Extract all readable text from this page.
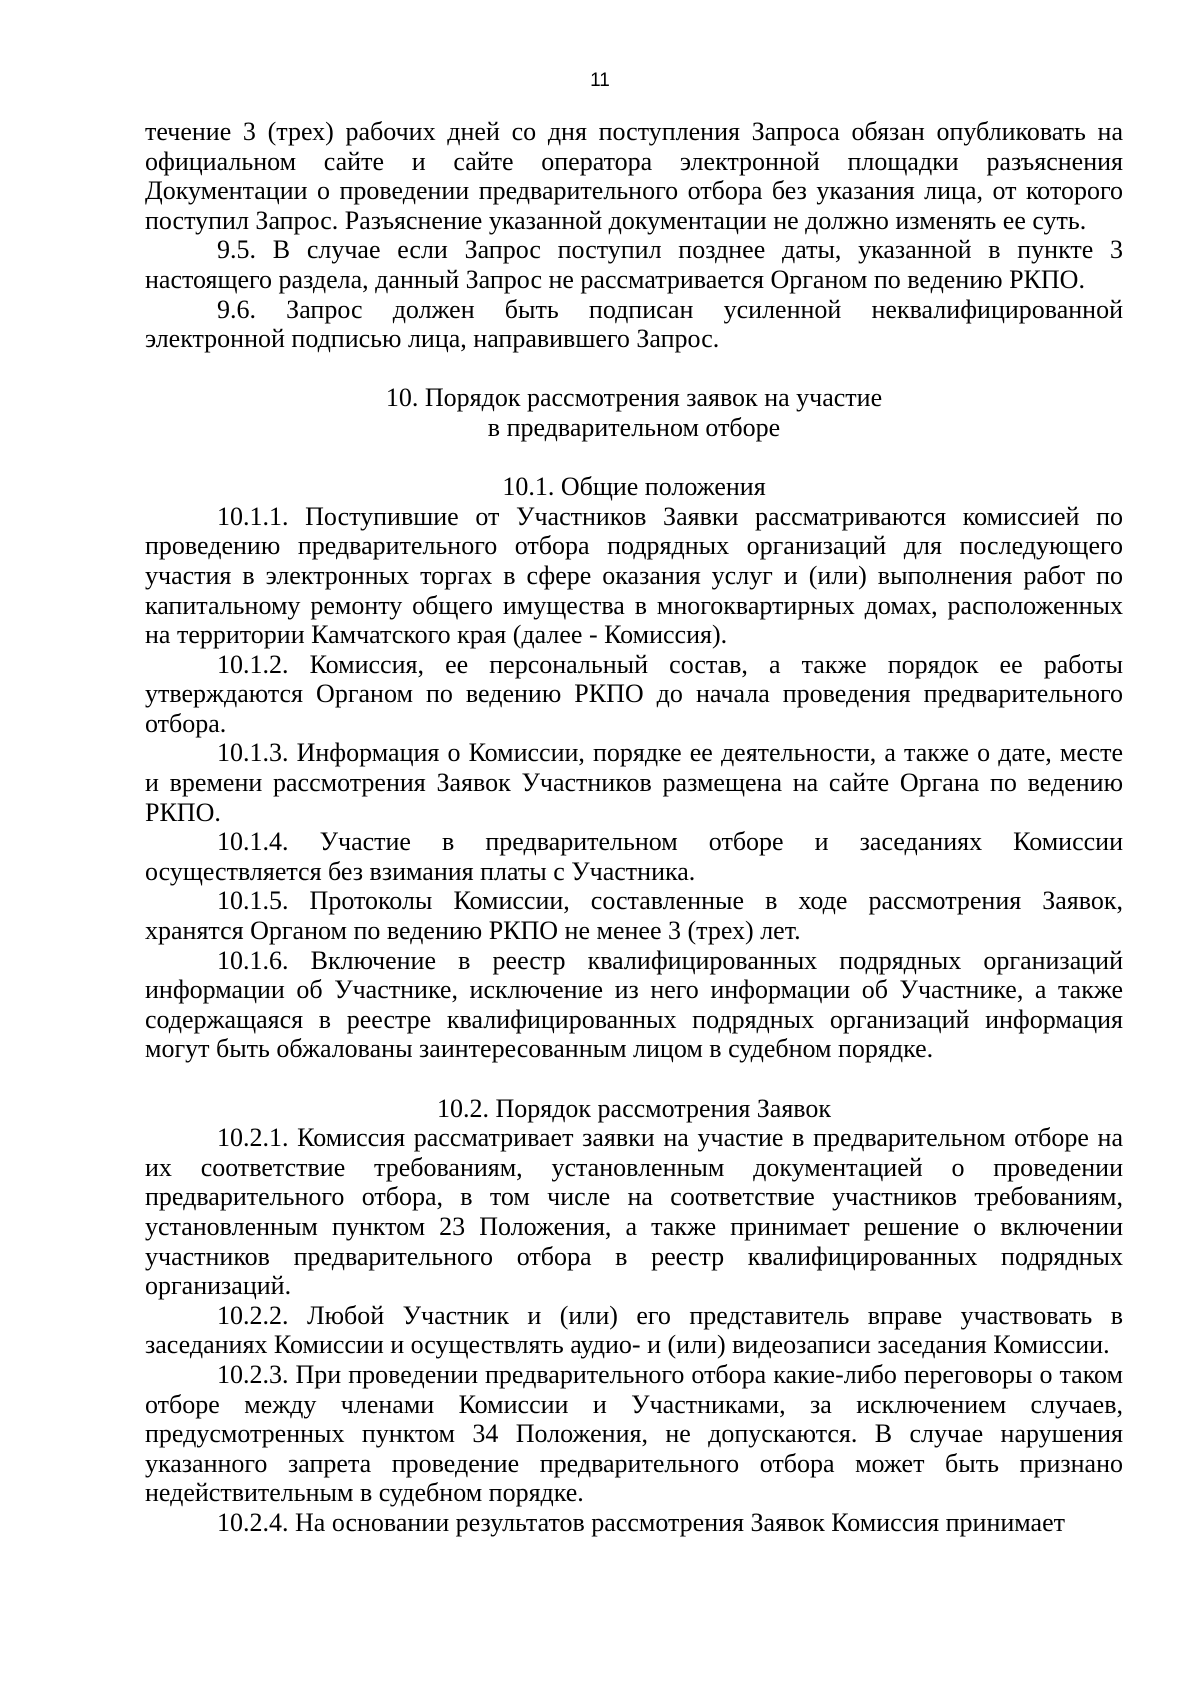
11

течение 3 (трех) рабочих дней со дня поступления Запроса обязан опубликовать на официальном сайте и сайте оператора электронной площадки разъяснения Документации о проведении предварительного отбора без указания лица, от которого поступил Запрос. Разъяснение указанной документации не должно изменять ее суть.

9.5. В случае если Запрос поступил позднее даты, указанной в пункте 3 настоящего раздела, данный Запрос не рассматривается Органом по ведению РКПО.

9.6. Запрос должен быть подписан усиленной неквалифицированной электронной подписью лица, направившего Запрос.

10. Порядок рассмотрения заявок на участие

в предварительном отборе

10.1. Общие положения

10.1.1. Поступившие от Участников Заявки рассматриваются комиссией по проведению предварительного отбора подрядных организаций для последующего участия в электронных торгах в сфере оказания услуг и (или) выполнения работ по капитальному ремонту общего имущества в многоквартирных домах, расположенных на территории Камчатского края (далее - Комиссия).

10.1.2. Комиссия, ее персональный состав, а также порядок ее работы утверждаются Органом по ведению РКПО до начала проведения предварительного отбора.

10.1.3. Информация о Комиссии, порядке ее деятельности, а также о дате, месте и времени рассмотрения Заявок Участников размещена на сайте Органа по ведению РКПО.

10.1.4. Участие в предварительном отборе и заседаниях Комиссии осуществляется без взимания платы с Участника.

10.1.5. Протоколы Комиссии, составленные в ходе рассмотрения Заявок, хранятся Органом по ведению РКПО не менее 3 (трех) лет.

10.1.6. Включение в реестр квалифицированных подрядных организаций информации об Участнике, исключение из него информации об Участнике, а также содержащаяся в реестре квалифицированных подрядных организаций информация могут быть обжалованы заинтересованным лицом в судебном порядке.

10.2. Порядок рассмотрения Заявок

10.2.1. Комиссия рассматривает заявки на участие в предварительном отборе на их соответствие требованиям, установленным документацией о проведении предварительного отбора, в том числе на соответствие участников требованиям, установленным пунктом 23 Положения, а также принимает решение о включении участников предварительного отбора в реестр квалифицированных подрядных организаций.

10.2.2. Любой Участник и (или) его представитель вправе участвовать в заседаниях Комиссии и осуществлять аудио- и (или) видеозаписи заседания Комиссии.

10.2.3. При проведении предварительного отбора какие-либо переговоры о таком отборе между членами Комиссии и Участниками, за исключением случаев, предусмотренных пунктом 34 Положения, не допускаются. В случае нарушения указанного запрета проведение предварительного отбора может быть признано недействительным в судебном порядке.

10.2.4. На основании результатов рассмотрения Заявок Комиссия принимает
